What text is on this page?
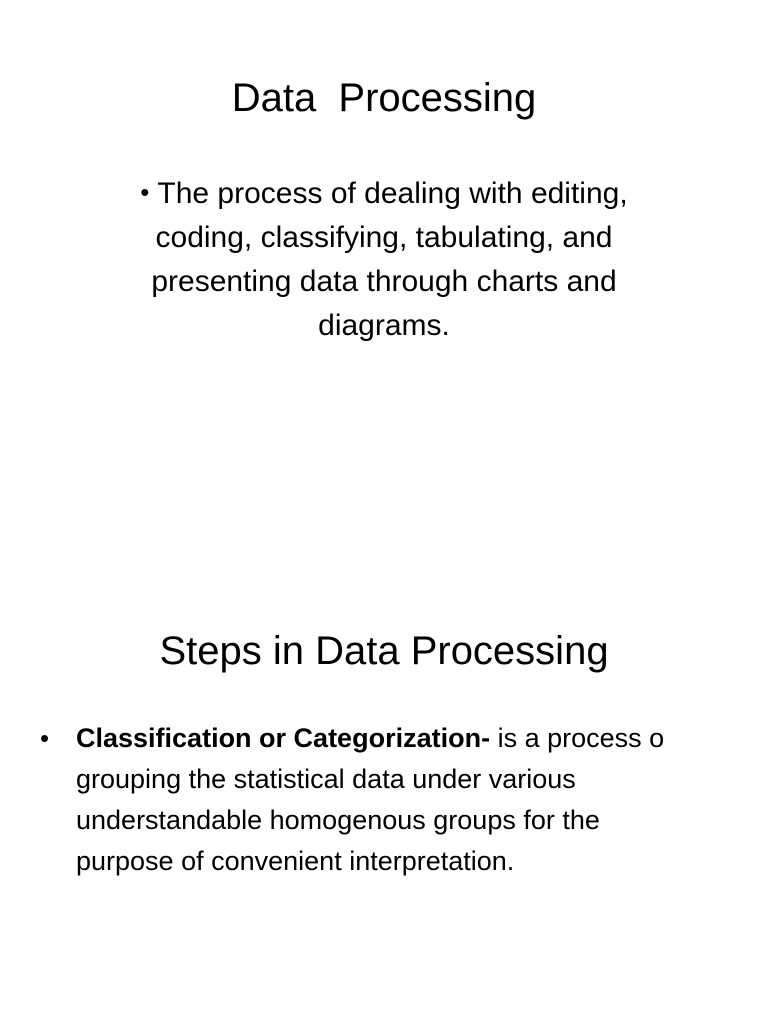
Data  Processing

• The process of dealing with editing, coding, classifying, tabulating, and presenting data through charts and diagrams.

Steps in Data Processing
• Classification or Categorization- is a process o
grouping the statistical data under various
understandable homogenous groups for the
purpose of convenient interpretation.
